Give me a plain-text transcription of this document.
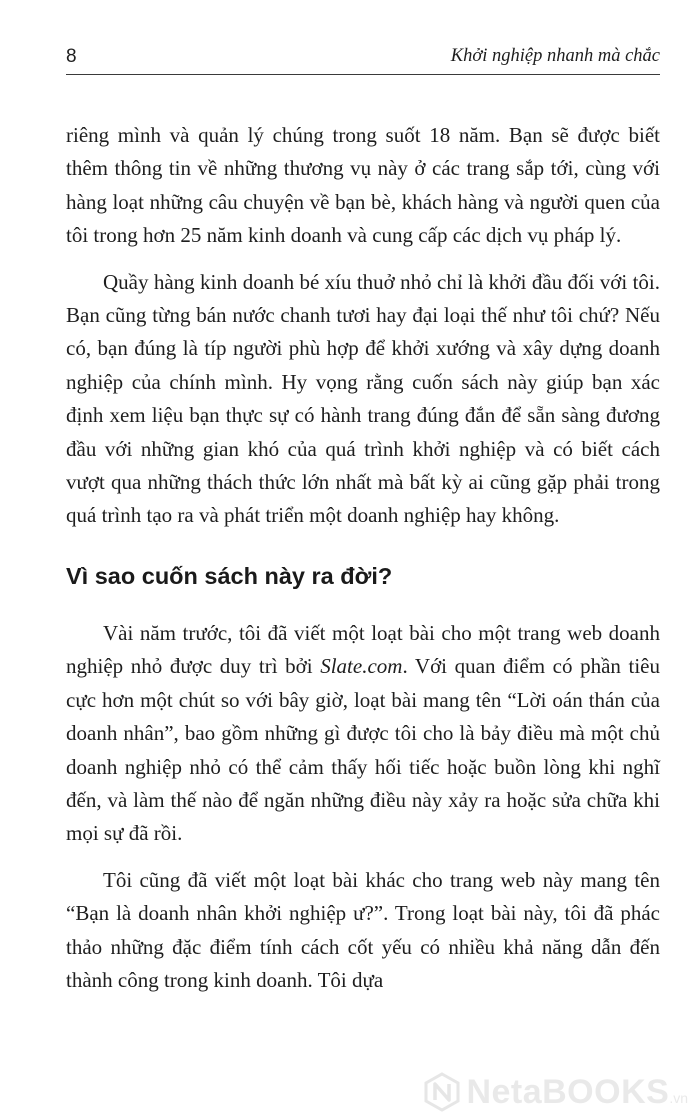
8	Khởi nghiệp nhanh mà chắc

riêng mình và quản lý chúng trong suốt 18 năm. Bạn sẽ được biết thêm thông tin về những thương vụ này ở các trang sắp tới, cùng với hàng loạt những câu chuyện về bạn bè, khách hàng và người quen của tôi trong hơn 25 năm kinh doanh và cung cấp các dịch vụ pháp lý.

Quầy hàng kinh doanh bé xíu thuở nhỏ chỉ là khởi đầu đối với tôi. Bạn cũng từng bán nước chanh tươi hay đại loại thế như tôi chứ? Nếu có, bạn đúng là típ người phù hợp để khởi xướng và xây dựng doanh nghiệp của chính mình. Hy vọng rằng cuốn sách này giúp bạn xác định xem liệu bạn thực sự có hành trang đúng đắn để sẵn sàng đương đầu với những gian khó của quá trình khởi nghiệp và có biết cách vượt qua những thách thức lớn nhất mà bất kỳ ai cũng gặp phải trong quá trình tạo ra và phát triển một doanh nghiệp hay không.

Vì sao cuốn sách này ra đời?

Vài năm trước, tôi đã viết một loạt bài cho một trang web doanh nghiệp nhỏ được duy trì bởi Slate.com. Với quan điểm có phần tiêu cực hơn một chút so với bây giờ, loạt bài mang tên “Lời oán thán của doanh nhân”, bao gồm những gì được tôi cho là bảy điều mà một chủ doanh nghiệp nhỏ có thể cảm thấy hối tiếc hoặc buồn lòng khi nghĩ đến, và làm thế nào để ngăn những điều này xảy ra hoặc sửa chữa khi mọi sự đã rồi.

Tôi cũng đã viết một loạt bài khác cho trang web này mang tên “Bạn là doanh nhân khởi nghiệp ư?”. Trong loạt bài này, tôi đã phác thảo những đặc điểm tính cách cốt yếu có nhiều khả năng dẫn đến thành công trong kinh doanh. Tôi dựa

NetaBOOKS .vn
